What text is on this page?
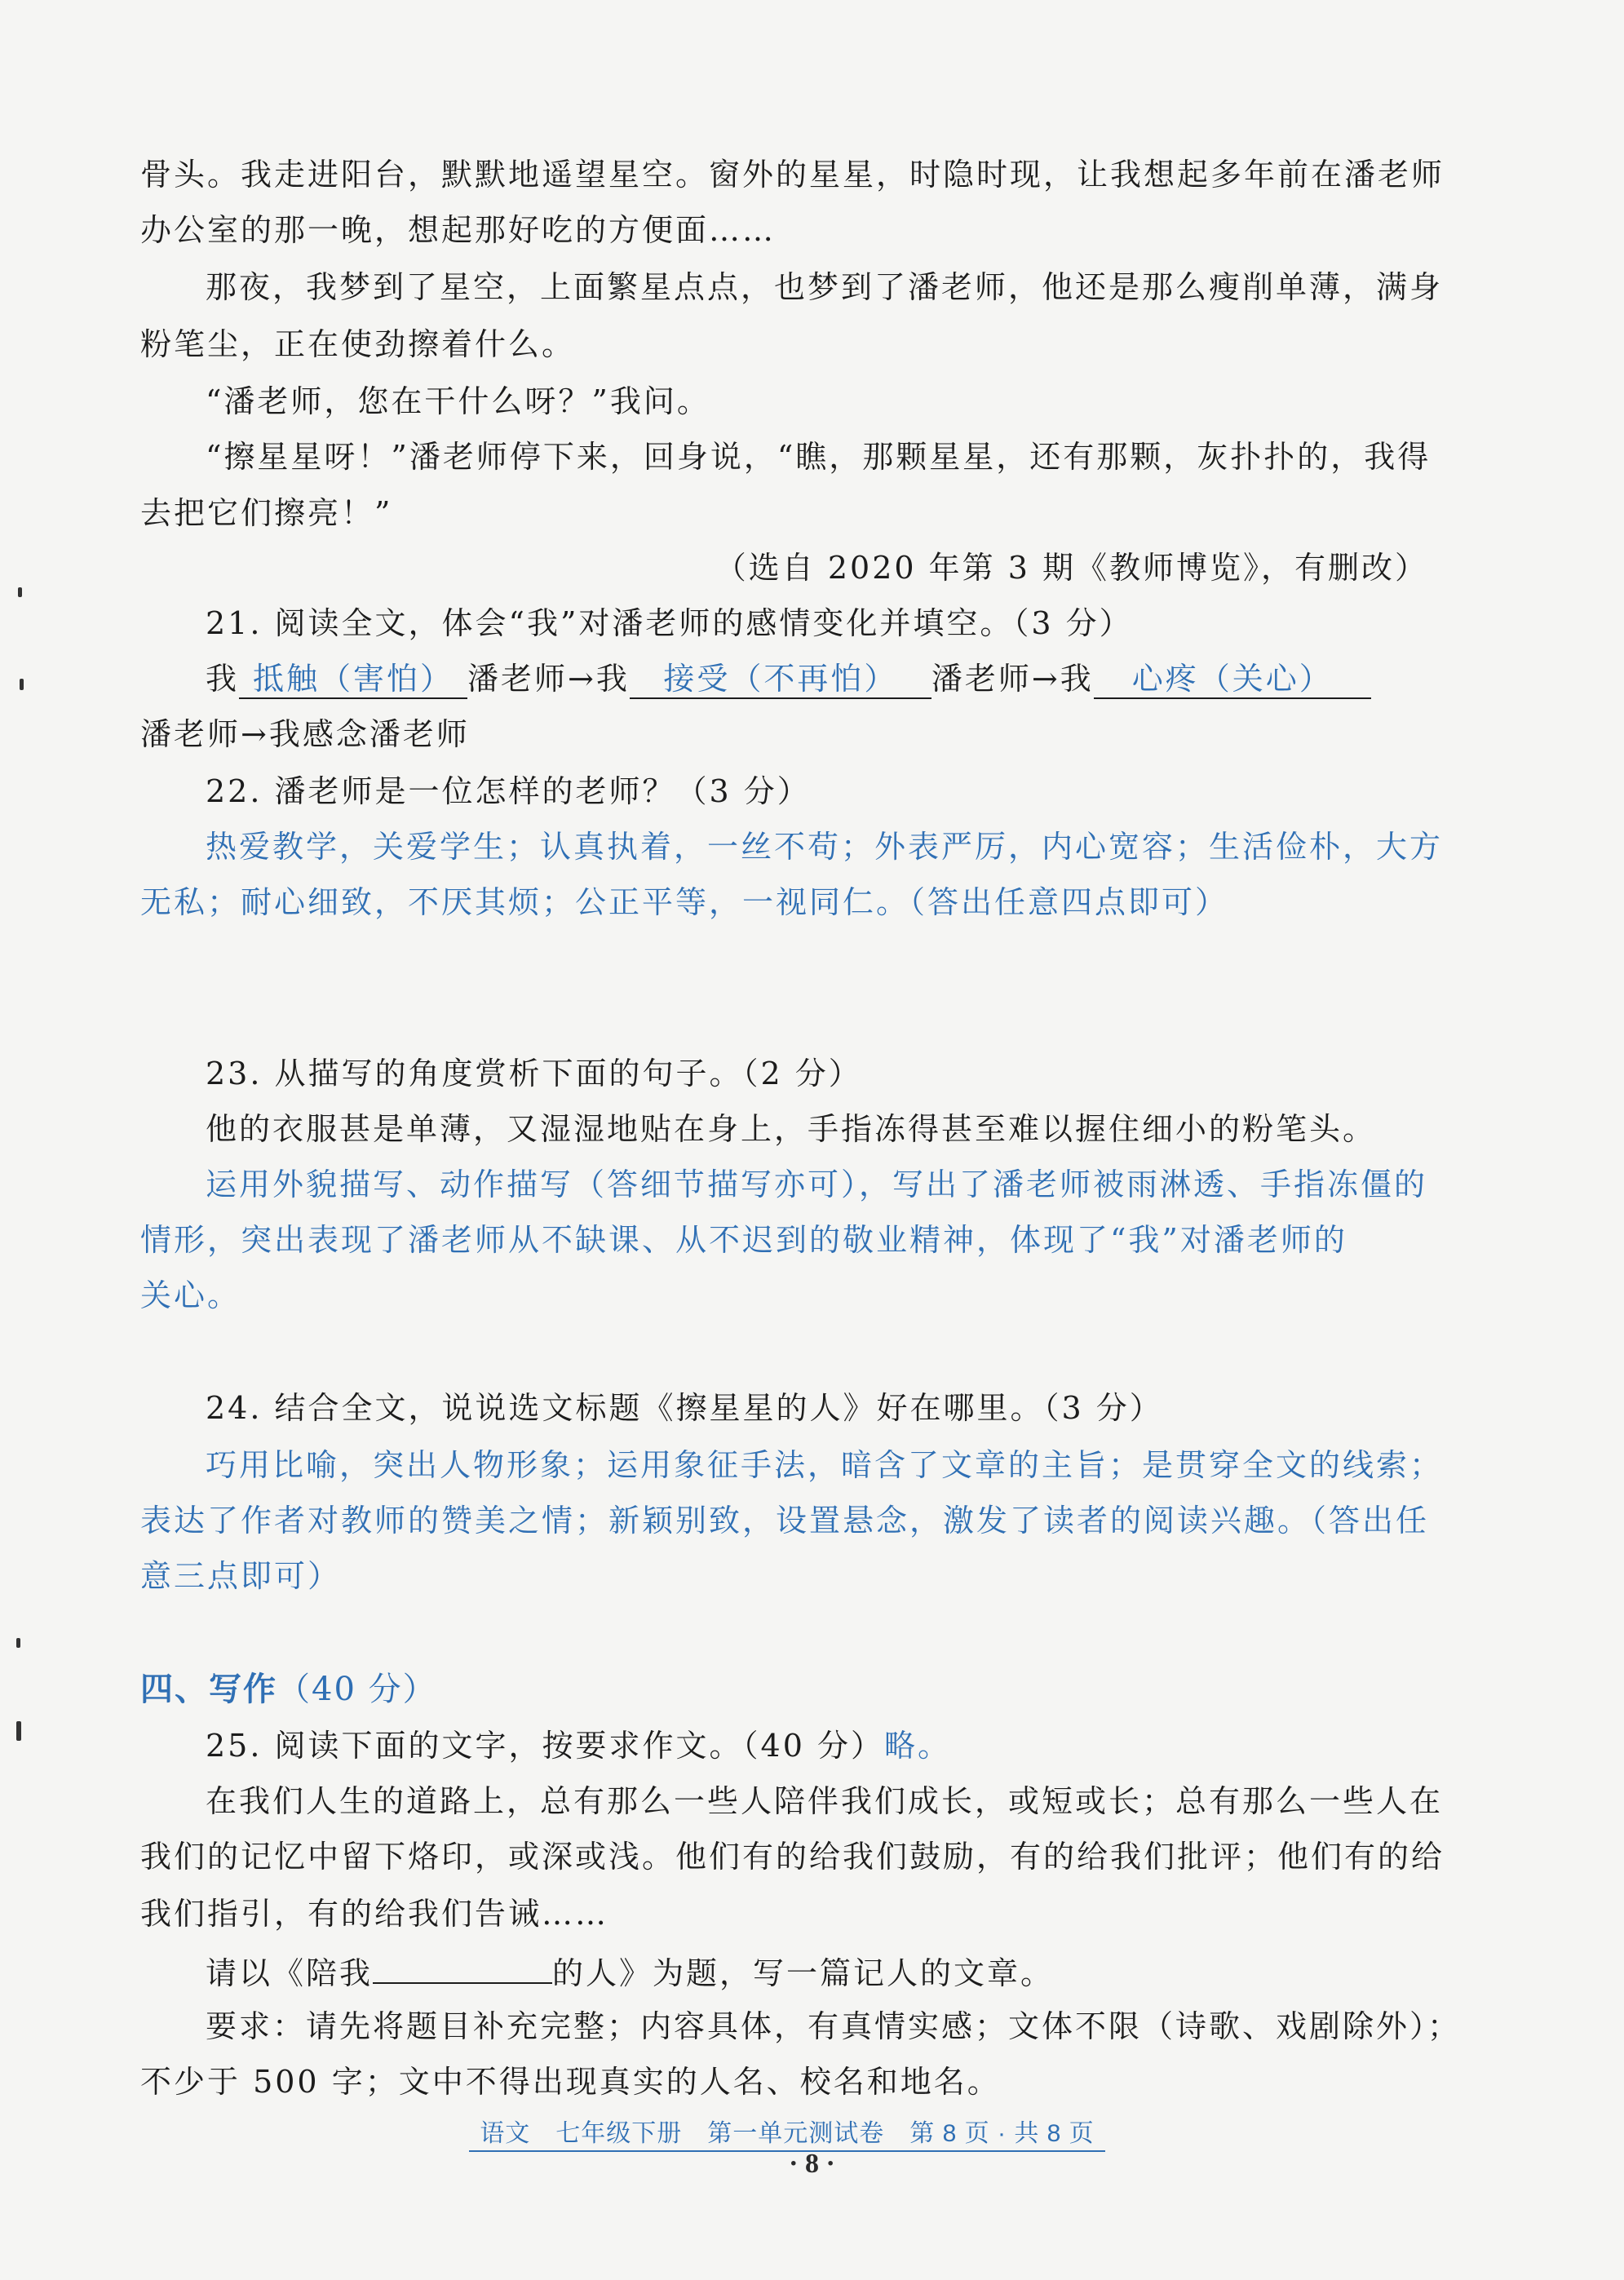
骨头。我走进阳台，默默地遥望星空。窗外的星星，时隐时现，让我想起多年前在潘老师
办公室的那一晚，想起那好吃的方便面……
那夜，我梦到了星空，上面繁星点点，也梦到了潘老师，他还是那么瘦削单薄，满身
粉笔尘，正在使劲擦着什么。
“潘老师，您在干什么呀？”我问。
“擦星星呀！”潘老师停下来，回身说，“瞧，那颗星星，还有那颗，灰扑扑的，我得
去把它们擦亮！”
（选自 2020 年第 3 期《教师博览》，有删改）
21. 阅读全文，体会“我”对潘老师的感情变化并填空。（3 分）
我 抵触（害怕） 潘老师→我 接受（不再怕） 潘老师→我 心疼（关心）
潘老师→我感念潘老师
22. 潘老师是一位怎样的老师？（3 分）
热爱教学，关爱学生；认真执着，一丝不苟；外表严厉，内心宽容；生活俭朴，大方
无私；耐心细致，不厌其烦；公正平等，一视同仁。（答出任意四点即可）
23. 从描写的角度赏析下面的句子。（2 分）
他的衣服甚是单薄，又湿湿地贴在身上，手指冻得甚至难以握住细小的粉笔头。
运用外貌描写、动作描写（答细节描写亦可），写出了潘老师被雨淋透、手指冻僵的
情形，突出表现了潘老师从不缺课、从不迟到的敬业精神，体现了“我”对潘老师的
关心。
24. 结合全文，说说选文标题《擦星星的人》好在哪里。（3 分）
巧用比喻，突出人物形象；运用象征手法，暗含了文章的主旨；是贯穿全文的线索；
表达了作者对教师的赞美之情；新颖别致，设置悬念，激发了读者的阅读兴趣。（答出任
意三点即可）
四、写作（40 分）
25. 阅读下面的文字，按要求作文。（40 分）略。
在我们人生的道路上，总有那么一些人陪伴我们成长，或短或长；总有那么一些人在
我们的记忆中留下烙印，或深或浅。他们有的给我们鼓励，有的给我们批评；他们有的给
我们指引，有的给我们告诫……
请以《陪我	的人》为题，写一篇记人的文章。
要求：请先将题目补充完整；内容具体，有真情实感；文体不限（诗歌、戏剧除外）；
不少于 500 字；文中不得出现真实的人名、校名和地名。
语文　七年级下册　第一单元测试卷　第 8 页 · 共 8 页
· 8 ·
